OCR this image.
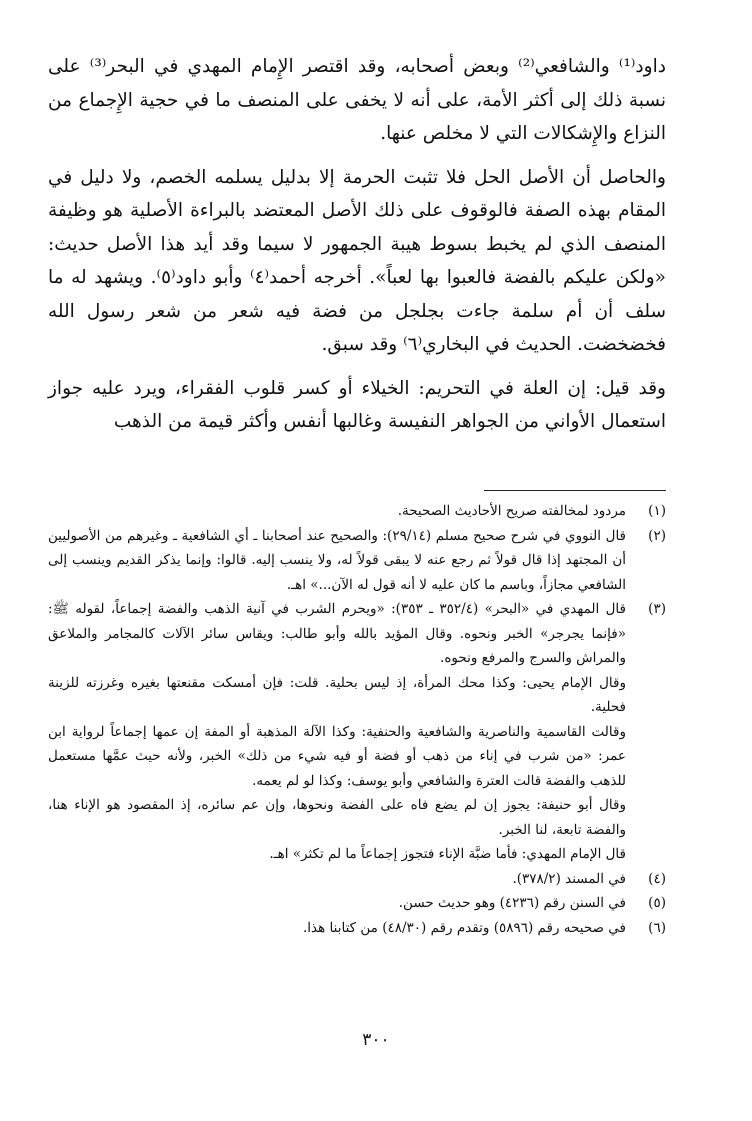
داود⁽¹⁾ والشافعي⁽²⁾ وبعض أصحابه، وقد اقتصر الإِمام المهدي في البحر⁽³⁾ على نسبة ذلك إلى أكثر الأمة، على أنه لا يخفى على المنصف ما في حجية الإِجماع من النزاع والإِشكالات التي لا مخلص عنها.

والحاصل أن الأصل الحل فلا تثبت الحرمة إلا بدليل يسلمه الخصم، ولا دليل في المقام بهذه الصفة فالوقوف على ذلك الأصل المعتضد بالبراءة الأصلية هو وظيفة المنصف الذي لم يخبط بسوط هيبة الجمهور لا سيما وقد أيد هذا الأصل حديث: «ولكن عليكم بالفضة فالعبوا بها لعباً». أخرجه أحمد⁽٤⁾ وأبو داود⁽٥⁾. ويشهد له ما سلف أن أم سلمة جاءت بجلجل من فضة فيه شعر من شعر رسول الله فخضخضت. الحديث في البخاري⁽٦⁾ وقد سبق.

وقد قيل: إن العلة في التحريم: الخيلاء أو كسر قلوب الفقراء، ويرد عليه جواز استعمال الأواني من الجواهر النفيسة وغالبها أنفس وأكثر قيمة من الذهب

(١)
مردود لمخالفته صريح الأحاديث الصحيحة.
(٢)
قال النووي في شرح صحيح مسلم (٢٩/١٤): والصحيح عند أصحابنا ـ أي الشافعية ـ وغيرهم من الأصوليين أن المجتهد إذا قال قولاً ثم رجع عنه لا يبقى قولاً له، ولا ينسب إليه. قالوا: وإنما يذكر القديم وينسب إلى الشافعي مجازاً، وباسم ما كان عليه لا أنه قول له الآن...» اهـ.
(٣)
قال المهدي في «البحر» (٣٥٢/٤ ـ ٣٥٣): «ويحرم الشرب في آنية الذهب والفضة إجماعاً، لقوله ﷺ: «فإنما يجرجر» الخبر ونحوه. وقال المؤيد بالله وأبو طالب: ويقاس سائر الآلات كالمجامر والملاعق والمراش والسرج والمرفع ونحوه.
وقال الإمام يحيى: وكذا محك المرأة، إذ ليس بحلية. قلت: فإن أمسكت مقنعتها بغيره وغرزته للزينة فحلية.
وقالت القاسمية والناصرية والشافعية والحنفية: وكذا الآلة المذهبة أو المفة إن عمها إجماعاً لرواية ابن عمر: «من شرب في إناء من ذهب أو فضة أو فيه شيء من ذلك» الخبر، ولأنه حيث عمَّها مستعمل للذهب والفضة قالت العترة والشافعي وأبو يوسف: وكذا لو لم يعمه.
وقال أبو حنيفة: يجوز إن لم يضع فاه على الفضة ونحوها، وإن عم سائره، إذ المقصود هو الإناء هنا، والفضة تابعة، لنا الخبر.
قال الإمام المهدي: فأما ضبَّة الإناء فتجوز إجماعاً ما لم تكثر» اهـ.
(٤)
في المسند (٣٧٨/٢).
(٥)
في السنن رقم (٤٢٣٦) وهو حديث حسن.
(٦)
في صحيحه رقم (٥٨٩٦) وتقدم رقم (٤٨/٣٠) من كتابنا هذا.
٣٠٠
